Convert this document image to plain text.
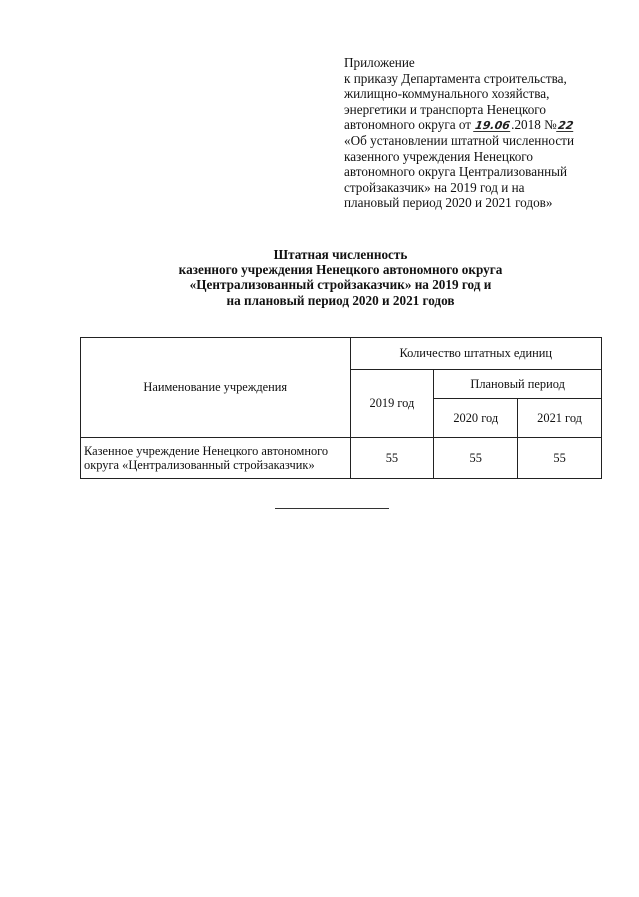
Приложение
к приказу Департамента строительства,
жилищно-коммунального хозяйства,
энергетики и транспорта Ненецкого
автономного округа от 19.06.2018 №22
«Об установлении штатной численности
казенного учреждения Ненецкого
автономного округа Централизованный
стройзаказчик» на 2019 год и на
плановый период 2020 и 2021 годов»
Штатная численность
казенного учреждения Ненецкого автономного округа
«Централизованный стройзаказчик» на 2019 год и
на плановый период 2020 и 2021 годов
Наименование учреждения	Количество штатных единиц		
	2019 год	Плановый период	
		2020 год	2021 год

Казенное учреждение Ненецкого автономного
округа «Централизованный стройзаказчик»	55	55	55
